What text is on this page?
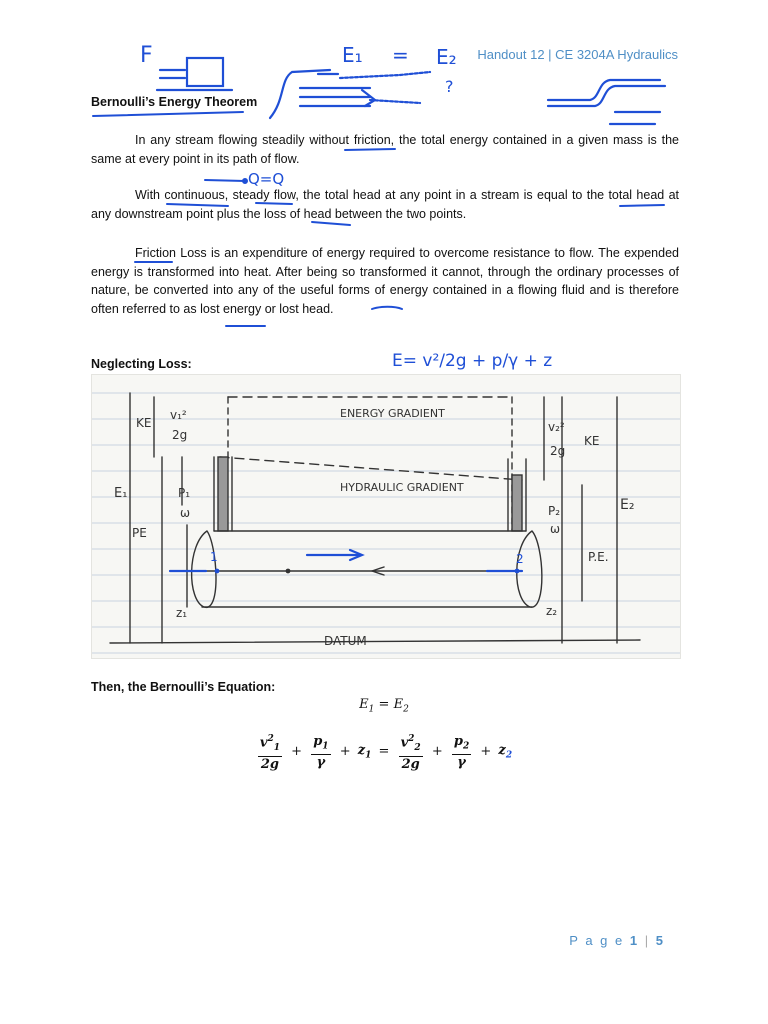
Handout 12 | CE 3204A Hydraulics
F	E₁ = E₂
?
Bernoulli’s Energy Theorem
In any stream flowing steadily without friction, the total energy contained in a given mass is the same at every point in its path of flow.
With continuous, steady flow, the total head at any point in a stream is equal to the total head at any downstream point plus the loss of head between the two points.
Friction Loss is an expenditure of energy required to overcome resistance to flow. The expended energy is transformed into heat. After being so transformed it cannot, through the ordinary processes of nature, be converted into any of the useful forms of energy contained in a flowing fluid and is therefore often referred to as lost energy or lost head.
Neglecting Loss:
Q=Q
E= v²/2g + p/γ + z
ENERGY GRADIENT
HYDRAULIC GRADIENT
DATUM
KE
KE
v₁²
2g
v₂²
2g
P₁
ω	P₂
ω
E₁
E₂
PE
P.E.
z₁	z₂
1	2
Then, the Bernoulli’s Equation:
$E_1 = E_2$
$\frac{v^2_1}{2g} + \frac{p_1}{\gamma} + z_1 = \frac{v^2_2}{2g} + \frac{p_2}{\gamma} + z_2$
P a g e 1 | 5
